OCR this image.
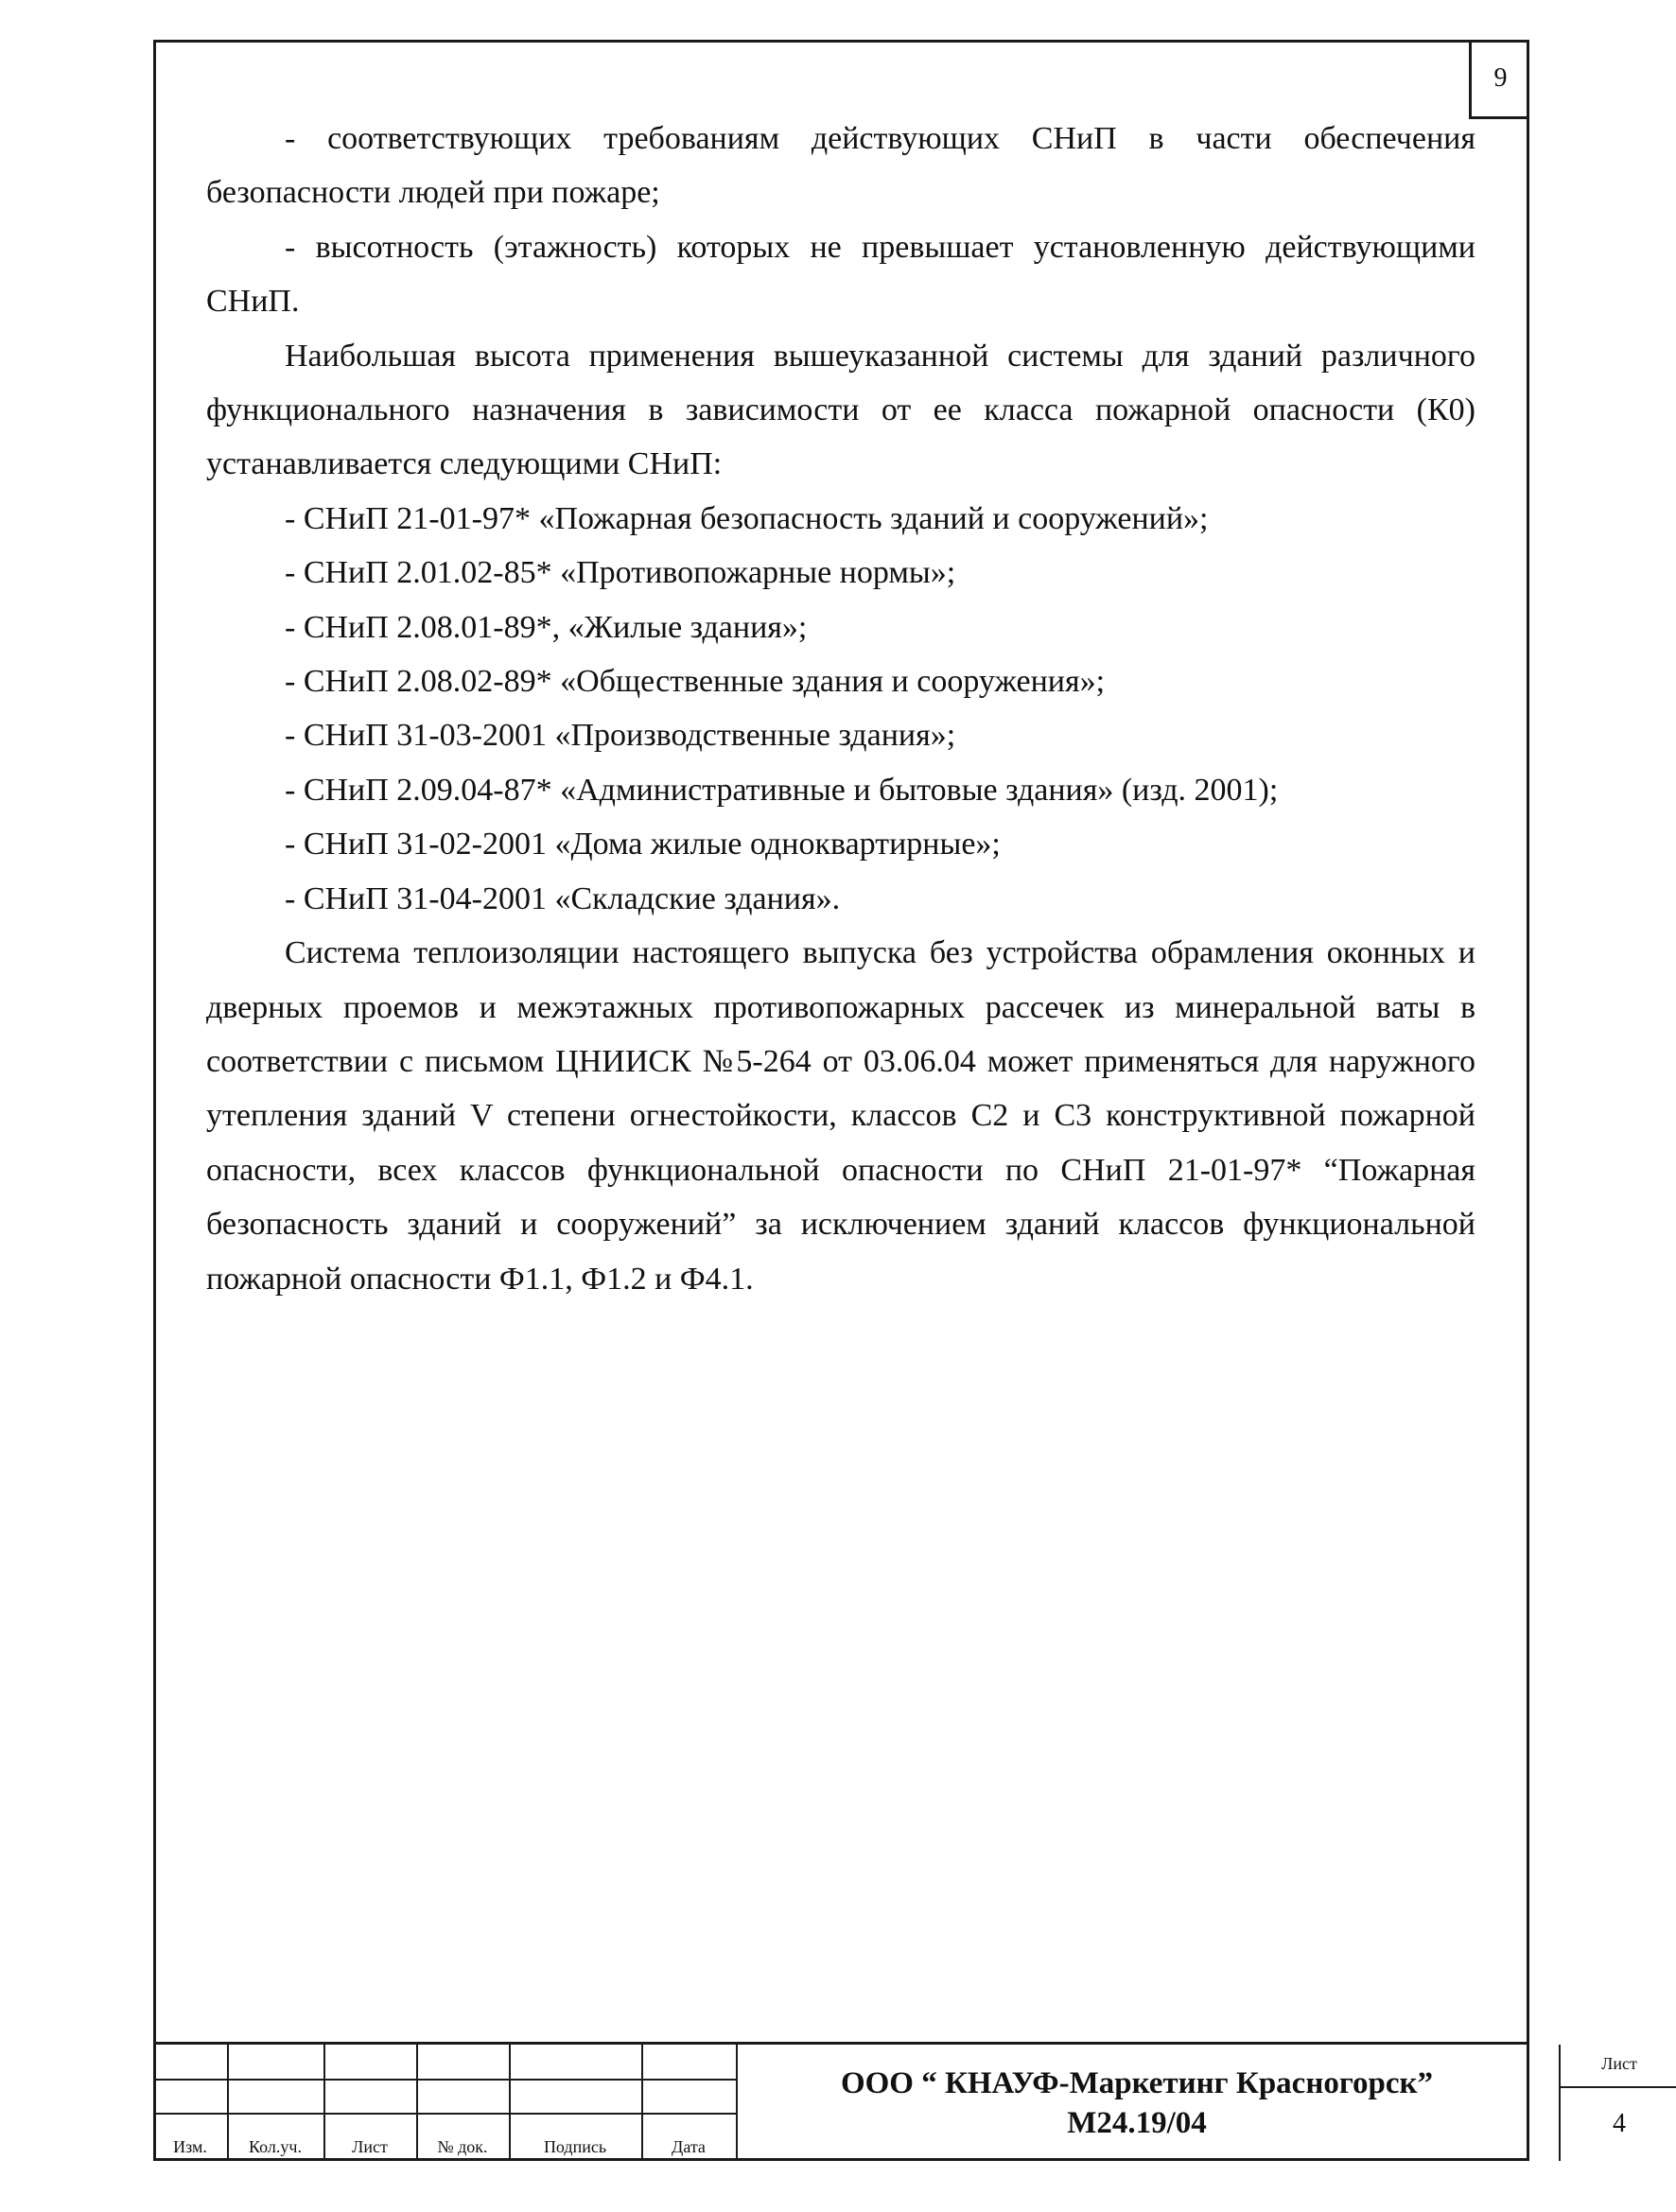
9

- соответствующих требованиям действующих СНиП в части обеспечения безопасности людей при пожаре;

- высотность (этажность) которых не превышает установленную действующими СНиП.

Наибольшая высота применения вышеуказанной системы для зданий различного функционального назначения в зависимости от ее класса пожарной опасности (К0) устанавливается следующими СНиП:

- СНиП 21-01-97* «Пожарная безопасность зданий и сооружений»;

- СНиП 2.01.02-85* «Противопожарные нормы»;

- СНиП 2.08.01-89*, «Жилые здания»;

- СНиП 2.08.02-89* «Общественные здания и сооружения»;

- СНиП 31-03-2001 «Производственные здания»;

- СНиП 2.09.04-87* «Административные и бытовые здания» (изд. 2001);

- СНиП 31-02-2001 «Дома жилые одноквартирные»;

- СНиП 31-04-2001 «Складские здания».

Система теплоизоляции настоящего выпуска без устройства обрамления оконных и дверных проемов и межэтажных противопожарных рассечек из минеральной ваты в соответствии с письмом ЦНИИСК №5-264 от 03.06.04 может применяться для наружного утепления зданий V степени огнестойкости, классов С2 и С3 конструктивной пожарной опасности, всех классов функциональной опасности по СНиП 21-01-97* “Пожарная безопасность зданий и сооружений” за исключением зданий классов функциональной пожарной опасности Ф1.1, Ф1.2 и Ф4.1.

Изм.	Кол.уч.	Лист	№ док.	Подпись	Дата
ООО “ КНАУФ-Маркетинг Красногорск”
М24.19/04
Лист
4
